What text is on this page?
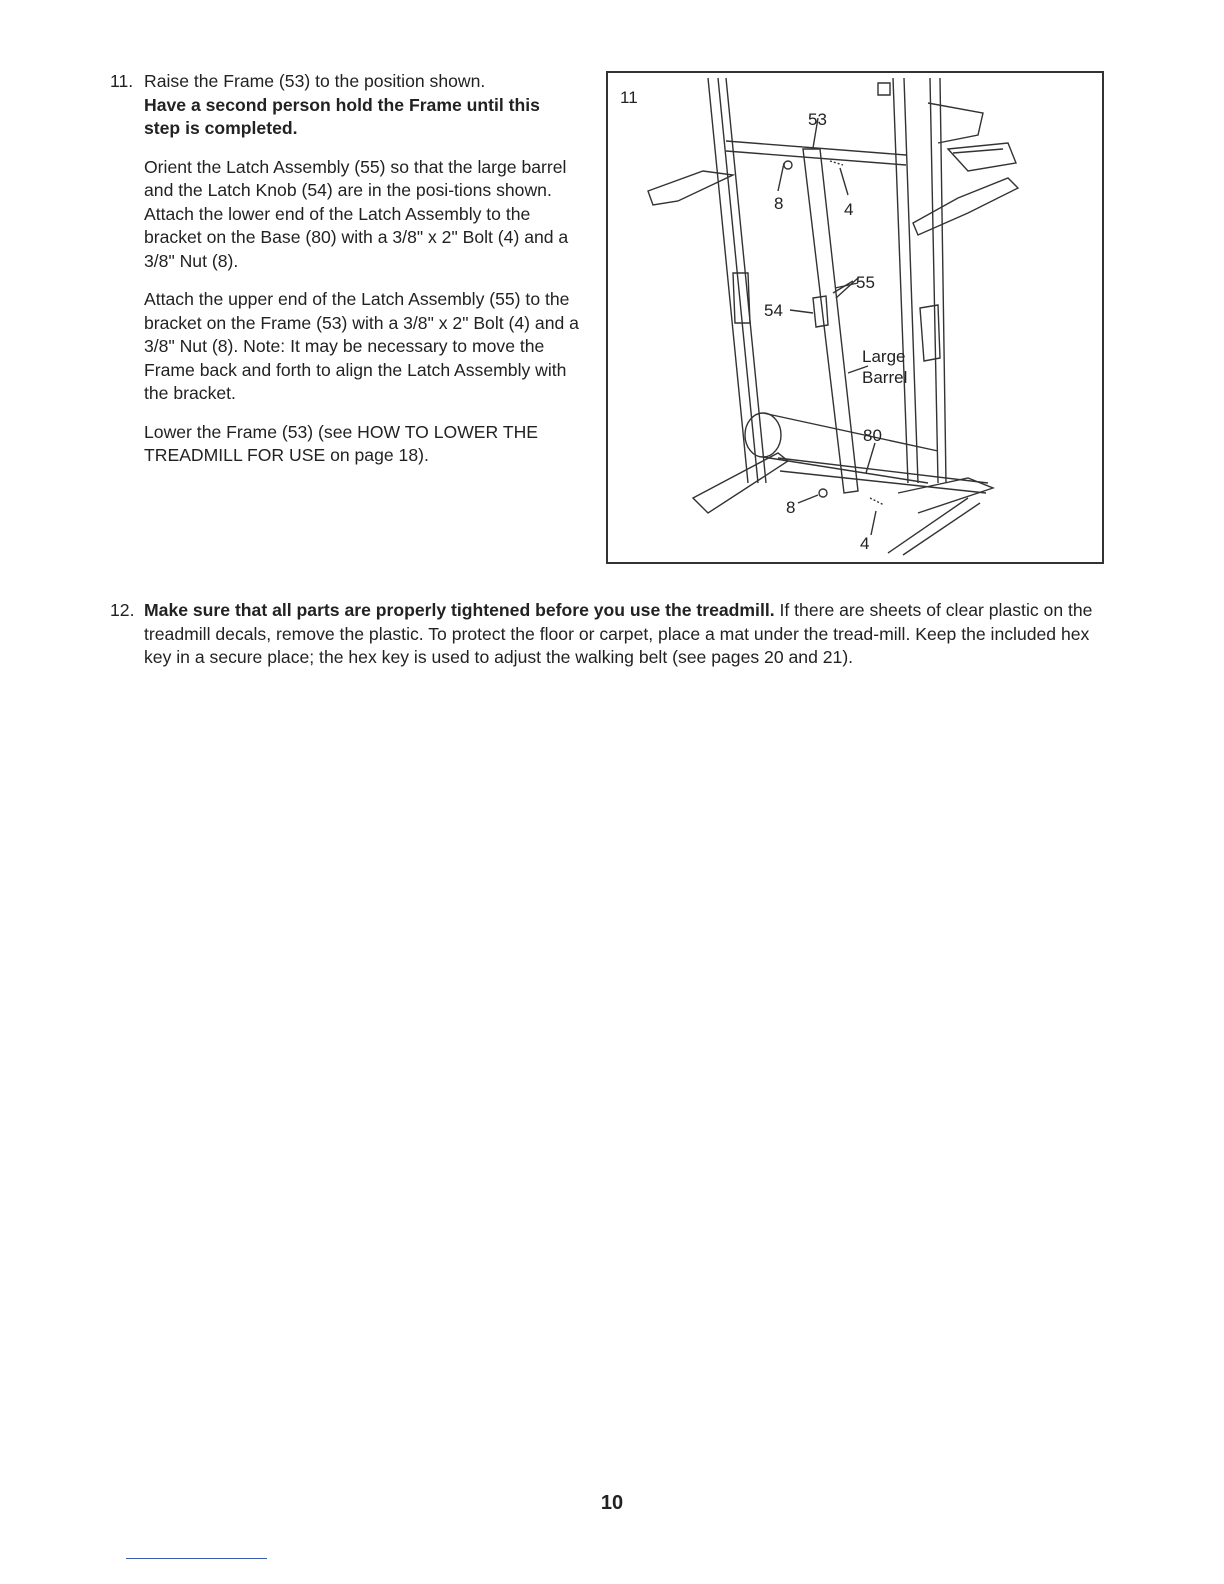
11. Raise the Frame (53) to the position shown.
Have a second person hold the Frame until this step is completed.

Orient the Latch Assembly (55) so that the large barrel and the Latch Knob (54) are in the posi-tions shown. Attach the lower end of the Latch Assembly to the bracket on the Base (80) with a 3/8" x 2" Bolt (4) and a 3/8" Nut (8).

Attach the upper end of the Latch Assembly (55) to the bracket on the Frame (53) with a 3/8" x 2" Bolt (4) and a 3/8" Nut (8). Note: It may be necessary to move the Frame back and forth to align the Latch Assembly with the bracket.

Lower the Frame (53) (see HOW TO LOWER THE TREADMILL FOR USE on page 18).

11
53
8	4
55
54
Large
Barrel
80
8
4
12. Make sure that all parts are properly tightened before you use the treadmill. If there are sheets of clear plastic on the treadmill decals, remove the plastic. To protect the floor or carpet, place a mat under the tread-mill. Keep the included hex key in a secure place; the hex key is used to adjust the walking belt (see pages 20 and 21).
10
